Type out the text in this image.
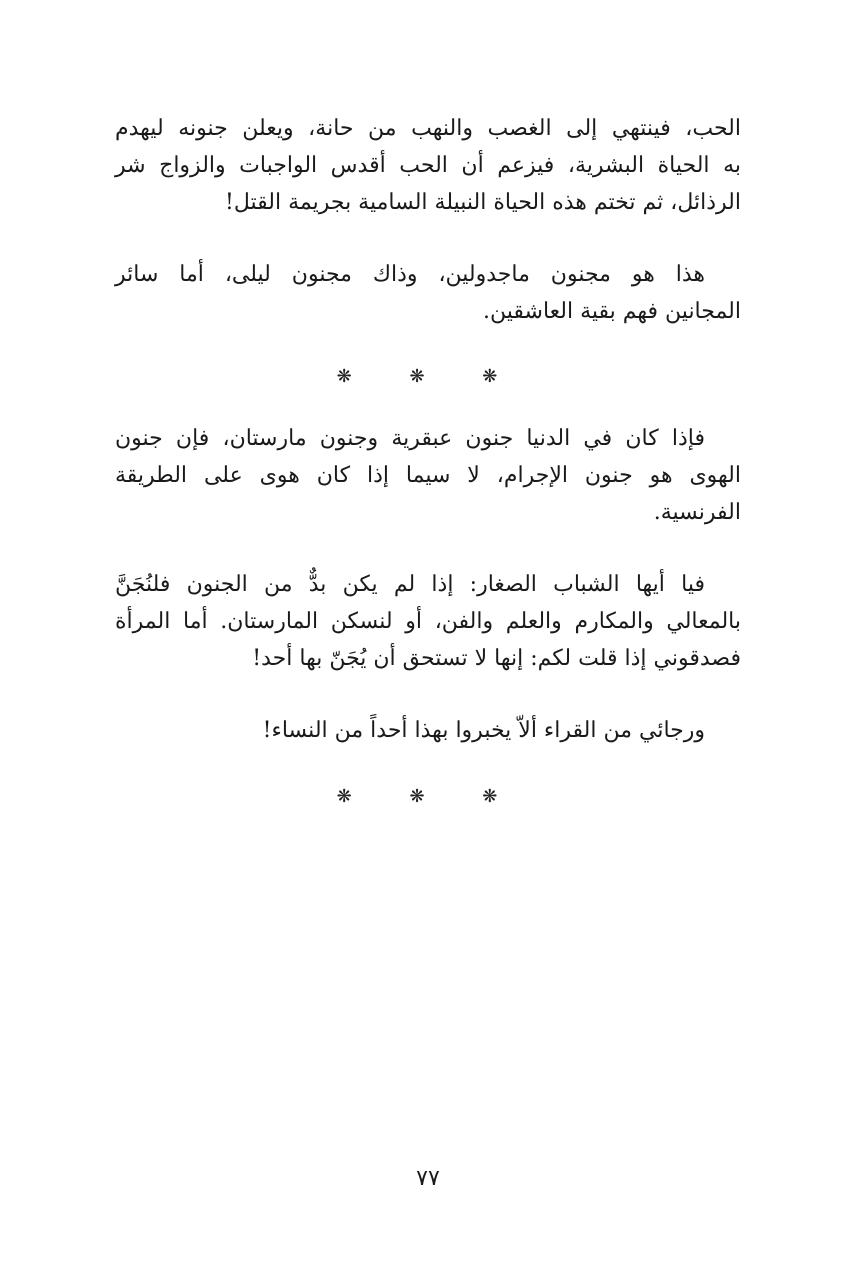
الحب، فينتهي إلى الغصب والنهب من حانة، ويعلن جنونه ليهدم
به الحياة البشرية، فيزعم أن الحب أقدس الواجبات والزواج شر
الرذائل، ثم تختم هذه الحياة النبيلة السامية بجريمة القتل!
هذا هو مجنون ماجدولين، وذاك مجنون ليلى، أما سائر
المجانين فهم بقية العاشقين.
❋ ❋ ❋
فإذا كان في الدنيا جنون عبقرية وجنون مارستان، فإن جنون
الهوى هو جنون الإجرام، لا سيما إذا كان هوى على الطريقة
الفرنسية.
فيا أيها الشباب الصغار: إذا لم يكن بدٌّ من الجنون فلنُجَنَّ
بالمعالي والمكارم والعلم والفن، أو لنسكن المارستان. أما المرأة
فصدقوني إذا قلت لكم: إنها لا تستحق أن يُجَنّ بها أحد!
ورجائي من القراء ألاّ يخبروا بهذا أحداً من النساء!
❋ ❋ ❋
٧٧
